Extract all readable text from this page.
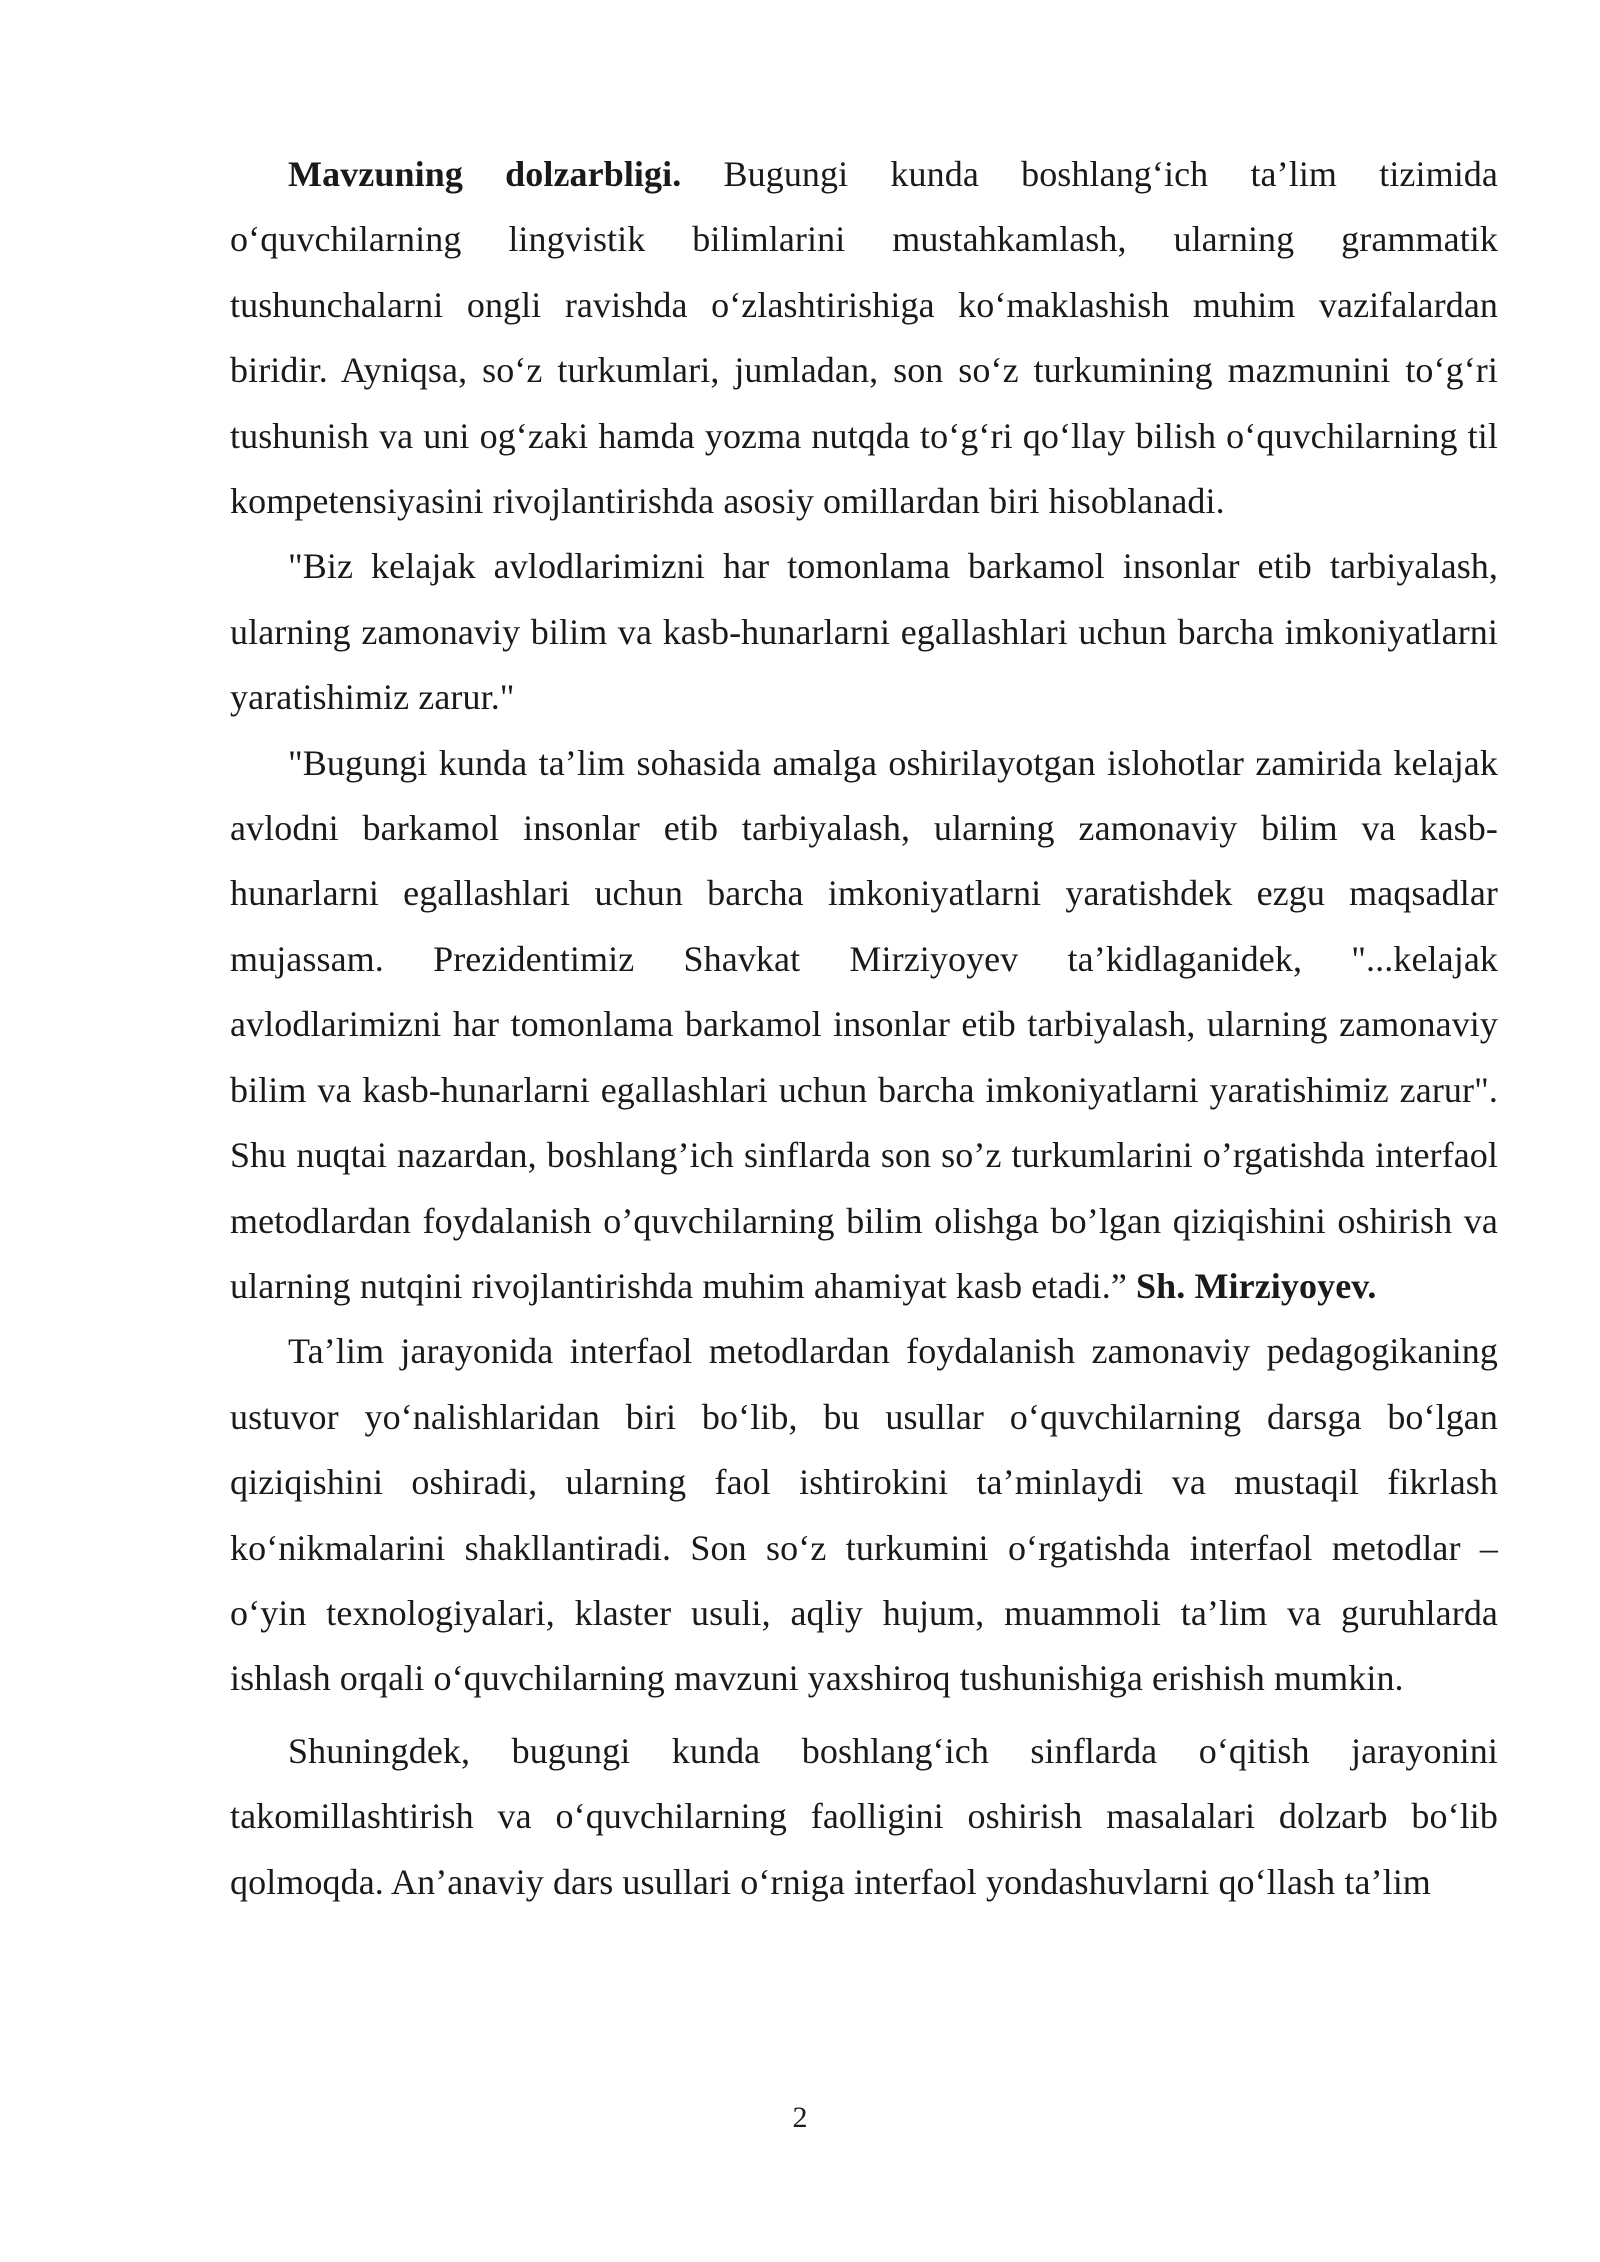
Mavzuning dolzarbligi. Bugungi kunda boshlang‘ich ta’lim tizimida o‘quvchilarning lingvistik bilimlarini mustahkamlash, ularning grammatik tushunchalarni ongli ravishda o‘zlashtirishiga ko‘maklashish muhim vazifalardan biridir. Ayniqsa, so‘z turkumlari, jumladan, son so‘z turkumining mazmunini to‘g‘ri tushunish va uni og‘zaki hamda yozma nutqda to‘g‘ri qo‘llay bilish o‘quvchilarning til kompetensiyasini rivojlantirishda asosiy omillardan biri hisoblanadi.

"Biz kelajak avlodlarimizni har tomonlama barkamol insonlar etib tarbiyalash, ularning zamonaviy bilim va kasb-hunarlarni egallashlari uchun barcha imkoniyatlarni yaratishimiz zarur."

"Bugungi kunda ta’lim sohasida amalga oshirilayotgan islohotlar zamirida kelajak avlodni barkamol insonlar etib tarbiyalash, ularning zamonaviy bilim va kasb-hunarlarni egallashlari uchun barcha imkoniyatlarni yaratishdek ezgu maqsadlar mujassam. Prezidentimiz Shavkat Mirziyoyev ta’kidlaganidek, "...kelajak avlodlarimizni har tomonlama barkamol insonlar etib tarbiyalash, ularning zamonaviy bilim va kasb-hunarlarni egallashlari uchun barcha imkoniyatlarni yaratishimiz zarur". Shu nuqtai nazardan, boshlang’ich sinflarda son so’z turkumlarini o’rgatishda interfaol metodlardan foydalanish o’quvchilarning bilim olishga bo’lgan qiziqishini oshirish va ularning nutqini rivojlantirishda muhim ahamiyat kasb etadi.” Sh. Mirziyoyev.

Ta’lim jarayonida interfaol metodlardan foydalanish zamonaviy pedagogikaning ustuvor yo‘nalishlaridan biri bo‘lib, bu usullar o‘quvchilarning darsga bo‘lgan qiziqishini oshiradi, ularning faol ishtirokini ta’minlaydi va mustaqil fikrlash ko‘nikmalarini shakllantiradi. Son so‘z turkumini o‘rgatishda interfaol metodlar – o‘yin texnologiyalari, klaster usuli, aqliy hujum, muammoli ta’lim va guruhlarda ishlash orqali o‘quvchilarning mavzuni yaxshiroq tushunishiga erishish mumkin.

Shuningdek, bugungi kunda boshlang‘ich sinflarda o‘qitish jarayonini takomillashtirish va o‘quvchilarning faolligini oshirish masalalari dolzarb bo‘lib qolmoqda. An’anaviy dars usullari o‘rniga interfaol yondashuvlarni qo‘llash ta’lim

2
